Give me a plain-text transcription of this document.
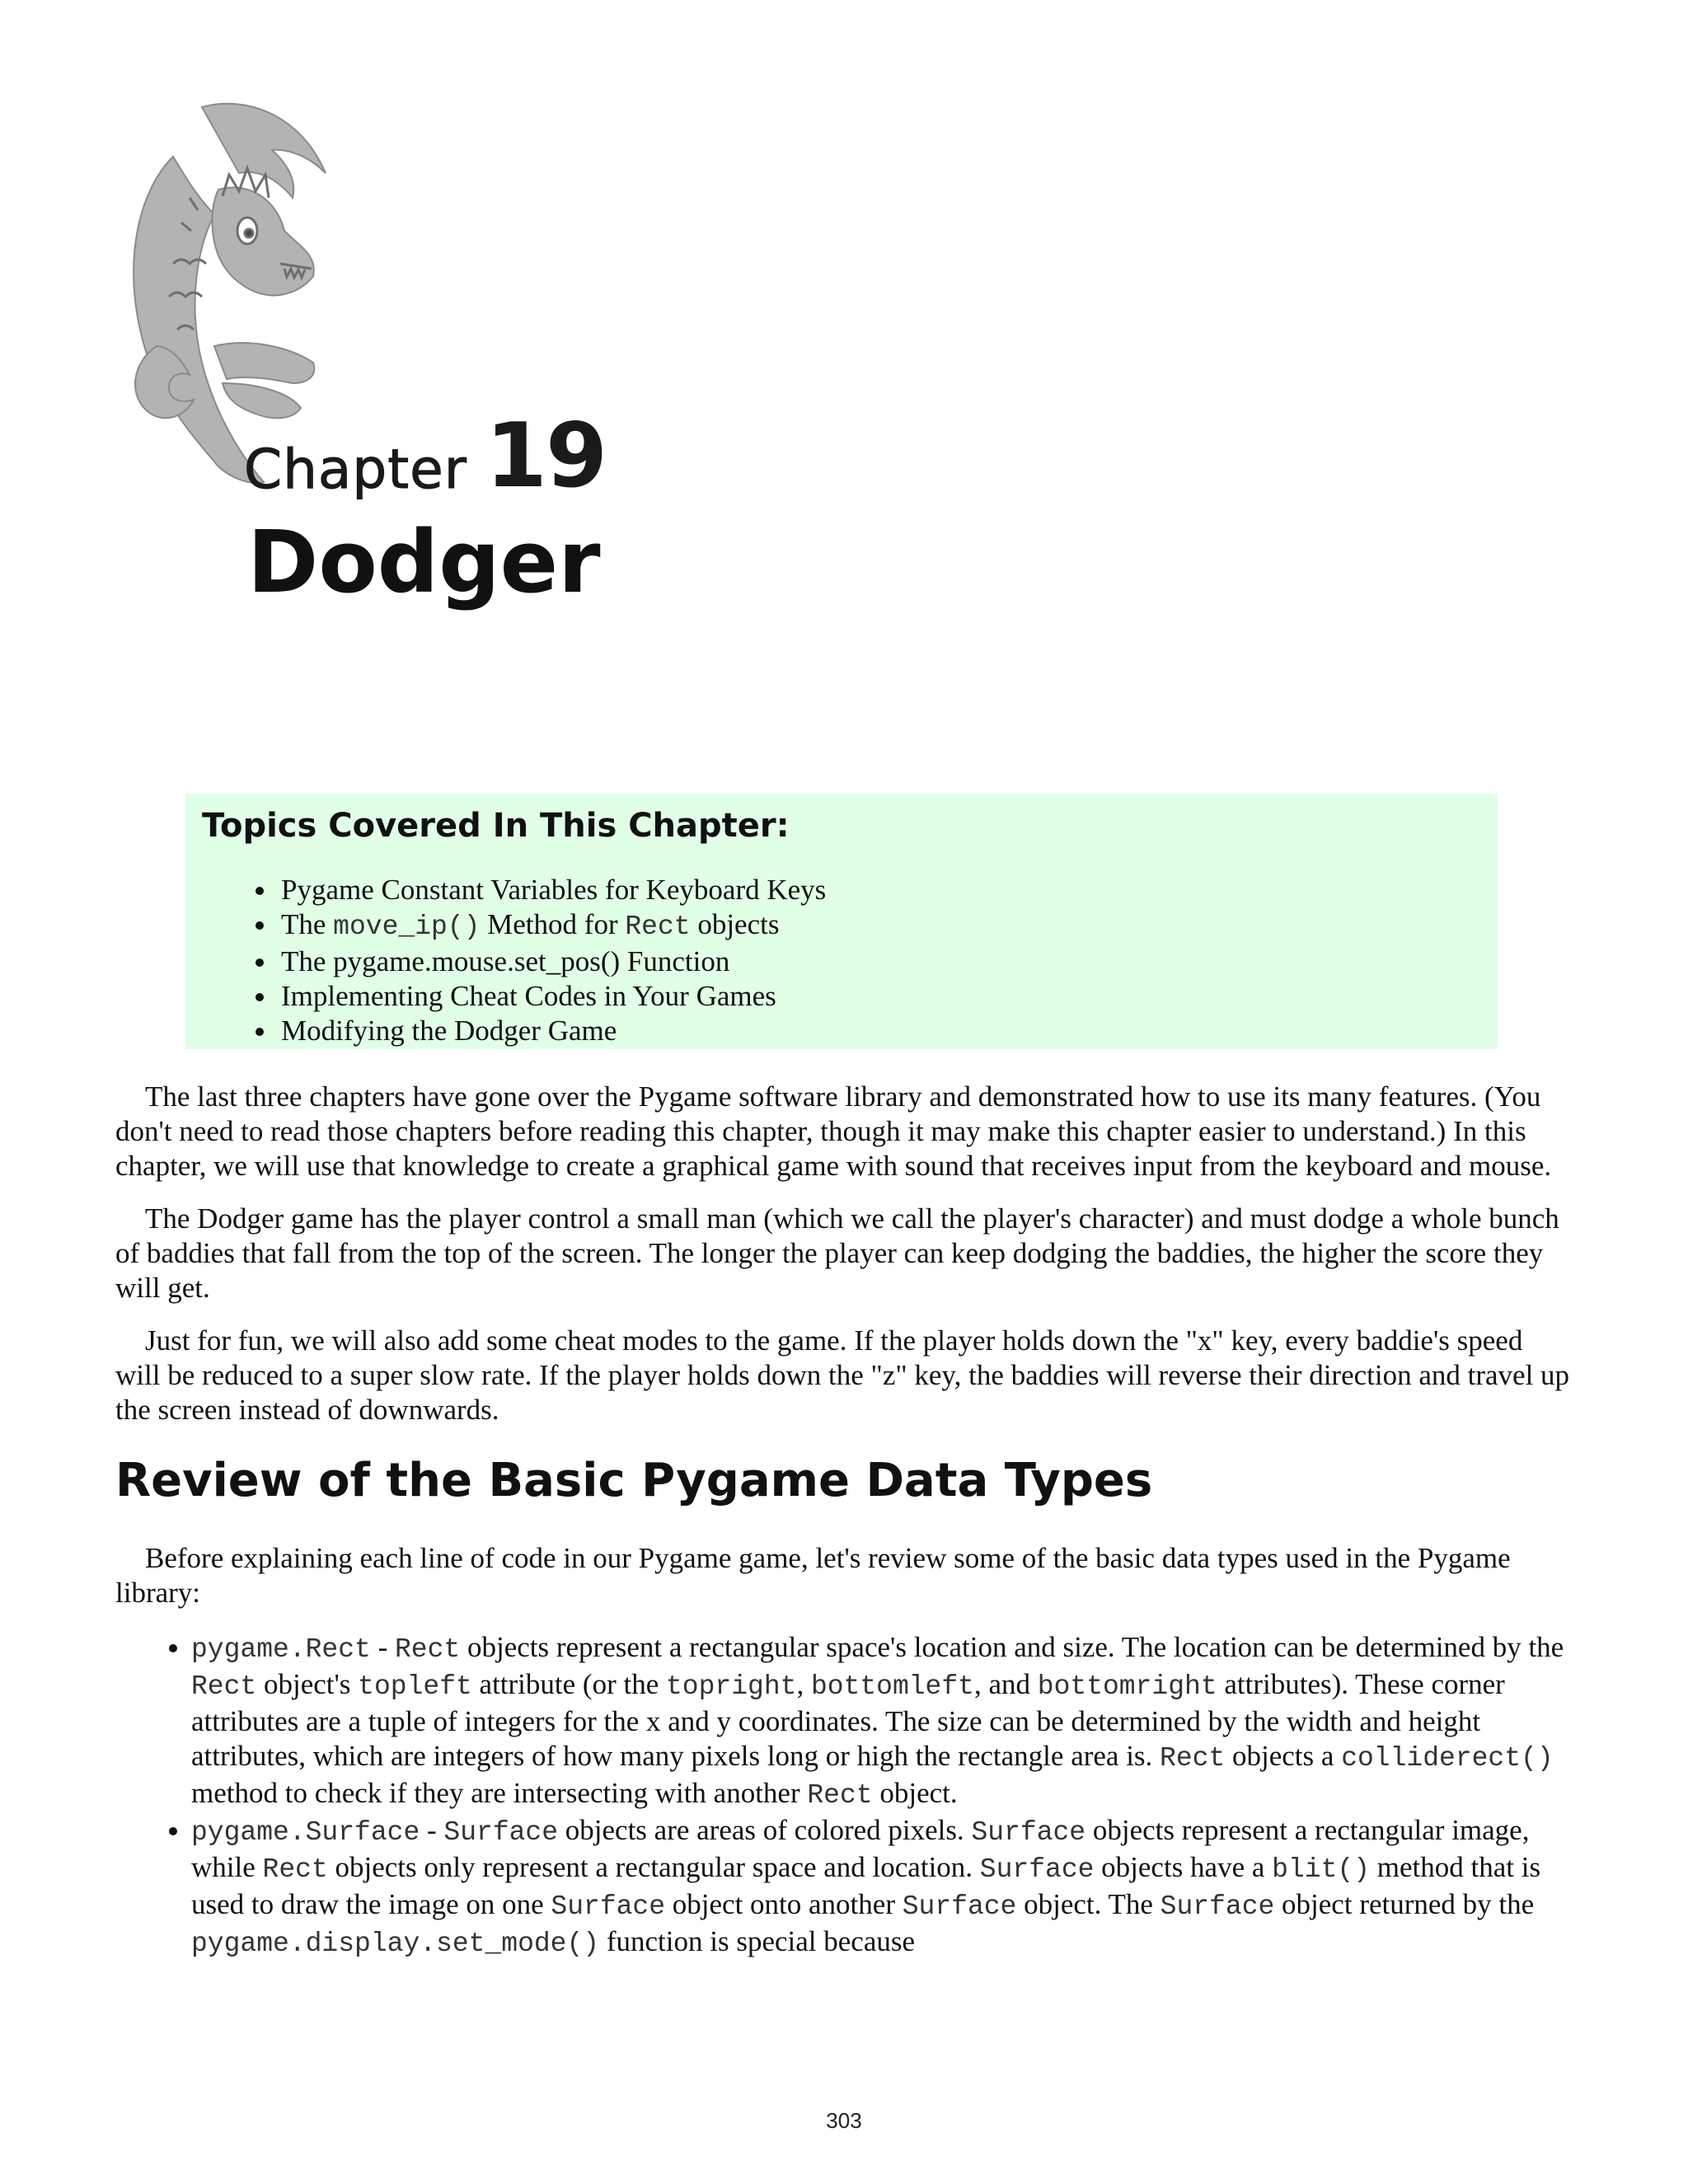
Chapter 19
Dodger
Topics Covered In This Chapter:
• Pygame Constant Variables for Keyboard Keys
• The move_ip() Method for Rect objects
• The pygame.mouse.set_pos() Function
• Implementing Cheat Codes in Your Games
• Modifying the Dodger Game

The last three chapters have gone over the Pygame software library and demonstrated how to use its many features. (You don't need to read those chapters before reading this chapter, though it may make this chapter easier to understand.) In this chapter, we will use that knowledge to create a graphical game with sound that receives input from the keyboard and mouse.

The Dodger game has the player control a small man (which we call the player's character) and must dodge a whole bunch of baddies that fall from the top of the screen. The longer the player can keep dodging the baddies, the higher the score they will get.

Just for fun, we will also add some cheat modes to the game. If the player holds down the "x" key, every baddie's speed will be reduced to a super slow rate. If the player holds down the "z" key, the baddies will reverse their direction and travel up the screen instead of downwards.

Review of the Basic Pygame Data Types

Before explaining each line of code in our Pygame game, let's review some of the basic data types used in the Pygame library:

• pygame.Rect - Rect objects represent a rectangular space's location and size. The location can be determined by the Rect object's topleft attribute (or the topright, bottomleft, and bottomright attributes). These corner attributes are a tuple of integers for the x and y coordinates. The size can be determined by the width and height attributes, which are integers of how many pixels long or high the rectangle area is. Rect objects a colliderect() method to check if they are intersecting with another Rect object.
• pygame.Surface - Surface objects are areas of colored pixels. Surface objects represent a rectangular image, while Rect objects only represent a rectangular space and location. Surface objects have a blit() method that is used to draw the image on one Surface object onto another Surface object. The Surface object returned by the pygame.display.set_mode() function is special because
303
